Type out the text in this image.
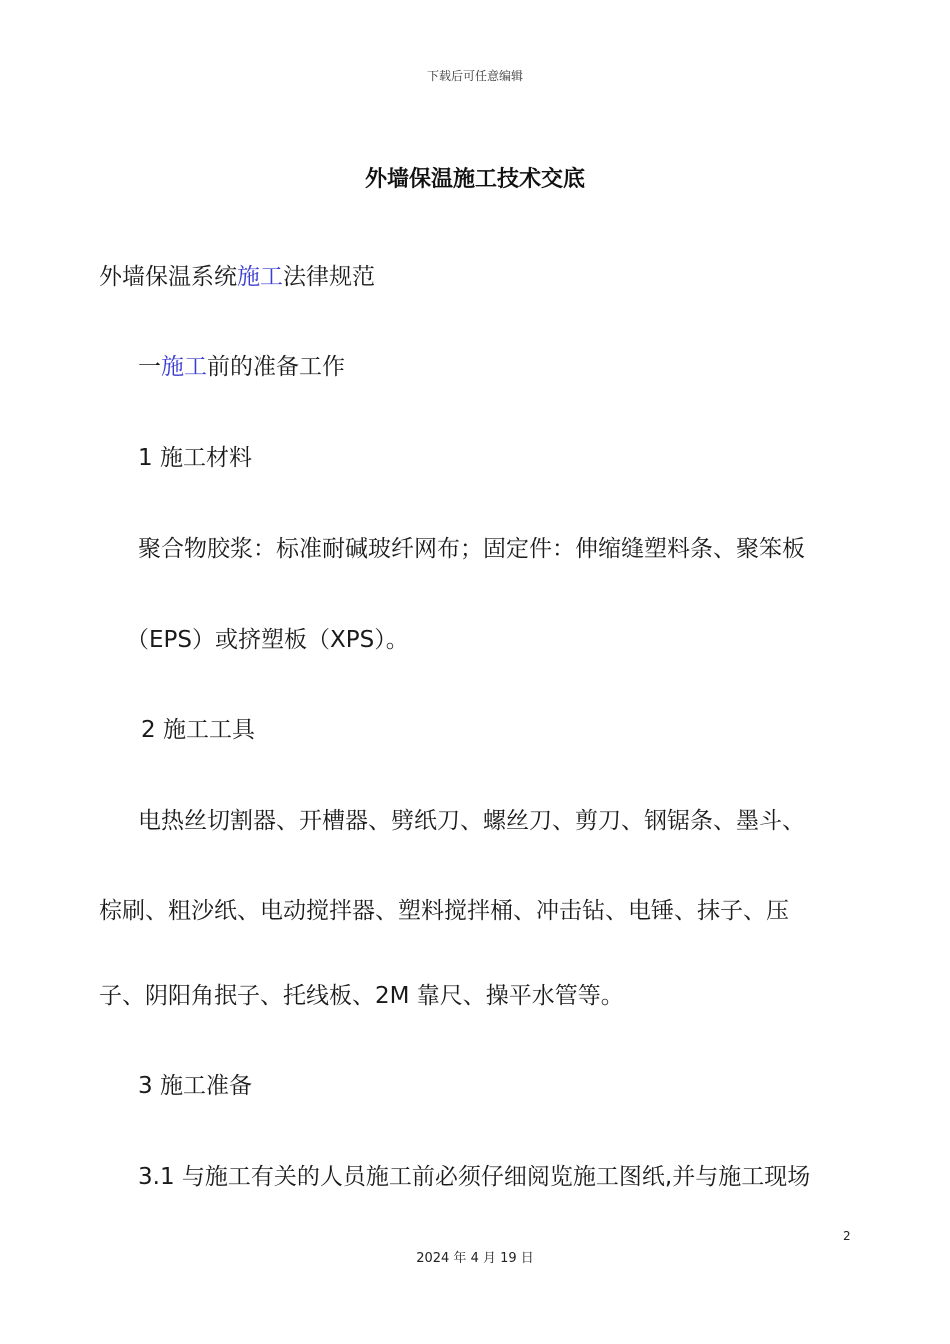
下载后可任意编辑
外墙保温施工技术交底
外墙保温系统施工法律规范
一施工前的准备工作
1 施工材料
聚合物胶浆：标准耐碱玻纤网布；固定件：伸缩缝塑料条、聚笨板
（EPS）或挤塑板（XPS）。
2 施工工具
电热丝切割器、开槽器、劈纸刀、螺丝刀、剪刀、钢锯条、墨斗、
棕刷、粗沙纸、电动搅拌器、塑料搅拌桶、冲击钻、电锤、抹子、压
子、阴阳角抿子、托线板、2M 靠尺、操平水管等。
3 施工准备
3.1 与施工有关的人员施工前必须仔细阅览施工图纸,并与施工现场
2
2024 年 4 月 19 日
